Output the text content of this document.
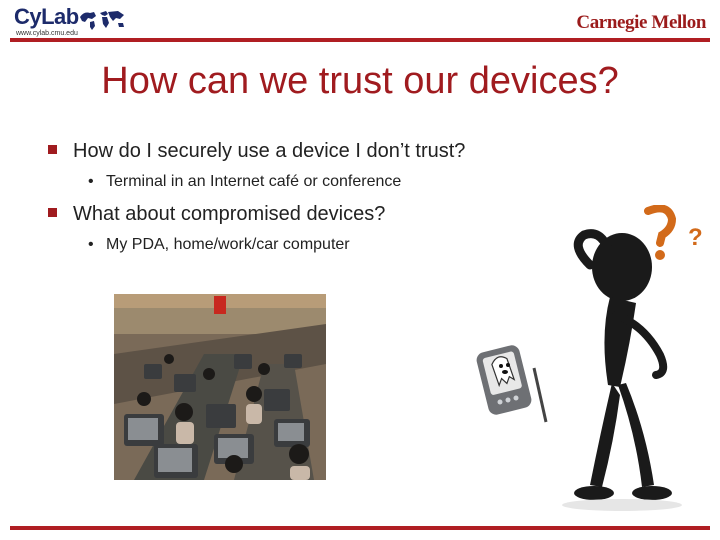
CyLab
www.cylab.cmu.edu
Carnegie Mellon
How can we trust our devices?
How do I securely use a device I don’t trust?
• Terminal in an Internet café or conference
What about compromised devices?
• My PDA, home/work/car computer	?
